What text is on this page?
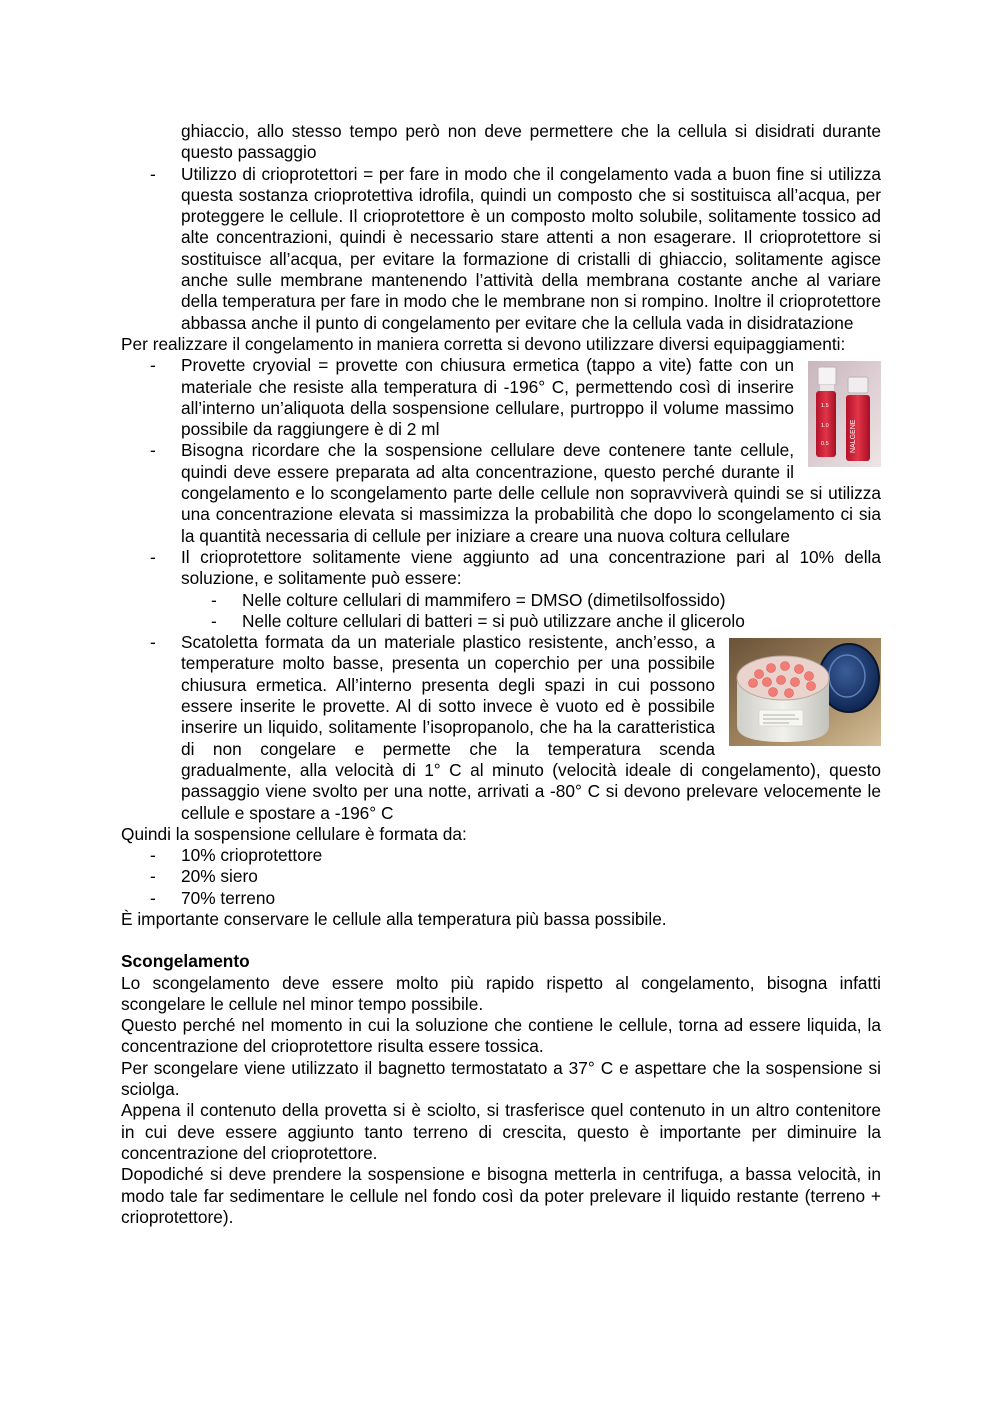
ghiaccio, allo stesso tempo però non deve permettere che la cellula si disidrati durante questo passaggio

- Utilizzo di crioprotettori = per fare in modo che il congelamento vada a buon fine si utilizza questa sostanza crioprotettiva idrofila, quindi un composto che si sostituisca all’acqua, per proteggere le cellule. Il crioprotettore è un composto molto solubile, solitamente tossico ad alte concentrazioni, quindi è necessario stare attenti a non esagerare. Il crioprotettore si sostituisce all’acqua, per evitare la formazione di cristalli di ghiaccio, solitamente agisce anche sulle membrane mantenendo l’attività della membrana costante anche al variare della temperatura per fare in modo che le membrane non si rompino. Inoltre il crioprotettore abbassa anche il punto di congelamento per evitare che la cellula vada in disidratazione

Per realizzare il congelamento in maniera corretta si devono utilizzare diversi equipaggiamenti:

-
1.5
1.0
0.5	NALGENE
Provette cryovial = provette con chiusura ermetica (tappo a vite) fatte con un materiale che resiste alla temperatura di -196° C, permettendo così di inserire all’interno un’aliquota della sospensione cellulare, purtroppo il volume massimo possibile da raggiungere è di 2 ml
- Bisogna ricordare che la sospensione cellulare deve contenere tante cellule, quindi deve essere preparata ad alta concentrazione, questo perché durante il congelamento e lo scongelamento parte delle cellule non sopravviverà quindi se si utilizza una concentrazione elevata si massimizza la probabilità che dopo lo scongelamento ci sia la quantità necessaria di cellule per iniziare a creare una nuova coltura cellulare
- Il crioprotettore solitamente viene aggiunto ad una concentrazione pari al 10% della soluzione, e solitamente può essere:
- Nelle colture cellulari di mammifero = DMSO (dimetilsolfossido)
- Nelle colture cellulari di batteri = si può utilizzare anche il glicerolo
- Scatoletta formata da un materiale plastico resistente, anch’esso, a temperature molto basse, presenta un coperchio per una possibile chiusura ermetica. All’interno presenta degli spazi in cui possono essere inserite le provette. Al di sotto invece è vuoto ed è possibile inserire un liquido, solitamente l’isopropanolo, che ha la caratteristica di non congelare e permette che la temperatura scenda gradualmente, alla velocità di 1° C al minuto (velocità ideale di congelamento), questo passaggio viene svolto per una notte, arrivati a -80° C si devono prelevare velocemente le cellule e spostare a -196° C

Quindi la sospensione cellulare è formata da:

- 10% crioprotettore
- 20% siero
- 70% terreno

È importante conservare le cellule alla temperatura più bassa possibile.

Scongelamento

Lo scongelamento deve essere molto più rapido rispetto al congelamento, bisogna infatti scongelare le cellule nel minor tempo possibile.

Questo perché nel momento in cui la soluzione che contiene le cellule, torna ad essere liquida, la concentrazione del crioprotettore risulta essere tossica.

Per scongelare viene utilizzato il bagnetto termostatato a 37° C e aspettare che la sospensione si sciolga.

Appena il contenuto della provetta si è sciolto, si trasferisce quel contenuto in un altro contenitore in cui deve essere aggiunto tanto terreno di crescita, questo è importante per diminuire la concentrazione del crioprotettore.

Dopodiché si deve prendere la sospensione e bisogna metterla in centrifuga, a bassa velocità, in modo tale far sedimentare le cellule nel fondo così da poter prelevare il liquido restante (terreno + crioprotettore).
